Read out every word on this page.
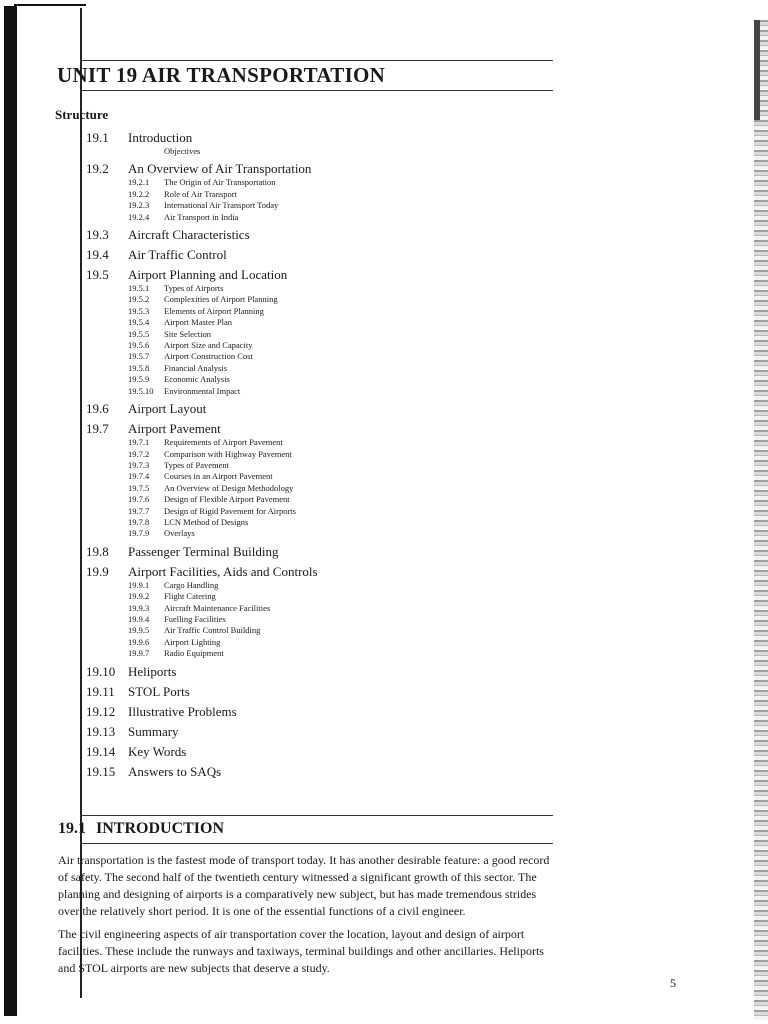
UNIT 19 AIR TRANSPORTATION
Structure
19.1	Introduction
Objectives
19.2	An Overview of Air Transportation
19.2.1	The Origin of Air Transportation
19.2.2	Role of Air Transport
19.2.3	International Air Transport Today
19.2.4	Air Transport in India
19.3	Aircraft Characteristics
19.4	Air Traffic Control
19.5	Airport Planning and Location
19.5.1	Types of Airports
19.5.2	Complexities of Airport Planning
19.5.3	Elements of Airport Planning
19.5.4	Airport Master Plan
19.5.5	Site Selection
19.5.6	Airport Size and Capacity
19.5.7	Airport Construction Cost
19.5.8	Financial Analysis
19.5.9	Economic Analysis
19.5.10	Environmental Impact
19.6	Airport Layout
19.7	Airport Pavement
19.7.1	Requirements of Airport Pavement
19.7.2	Comparison with Highway Pavement
19.7.3	Types of Pavement
19.7.4	Courses in an Airport Pavement
19.7.5	An Overview of Design Methodology
19.7.6	Design of Flexible Airport Pavement
19.7.7	Design of Rigid Pavement for Airports
19.7.8	LCN Method of Designs
19.7.9	Overlays
19.8	Passenger Terminal Building
19.9	Airport Facilities, Aids and Controls
19.9.1	Cargo Handling
19.9.2	Flight Catering
19.9.3	Aircraft Maintenance Facilities
19.9.4	Fuelling Facilities
19.9.5	Air Traffic Control Building
19.9.6	Airport Lighting
19.9.7	Radio Equipment
19.10 Heliports
19.11	STOL Ports
19.12 Illustrative Problems
19.13 Summary
19.14 Key Words
19.15 Answers to SAQs
19.1 INTRODUCTION

Air transportation is the fastest mode of transport today. It has another desirable feature: a good record of safety. The second half of the twentieth century witnessed a significant growth of this sector. The planning and designing of airports is a comparatively new subject, but has made tremendous strides over the relatively short period. It is one of the essential functions of a civil engineer.

The civil engineering aspects of air transportation cover the location, layout and design of airport facilities. These include the runways and taxiways, terminal buildings and other ancillaries. Heliports and STOL airports are new subjects that deserve a study.

5
